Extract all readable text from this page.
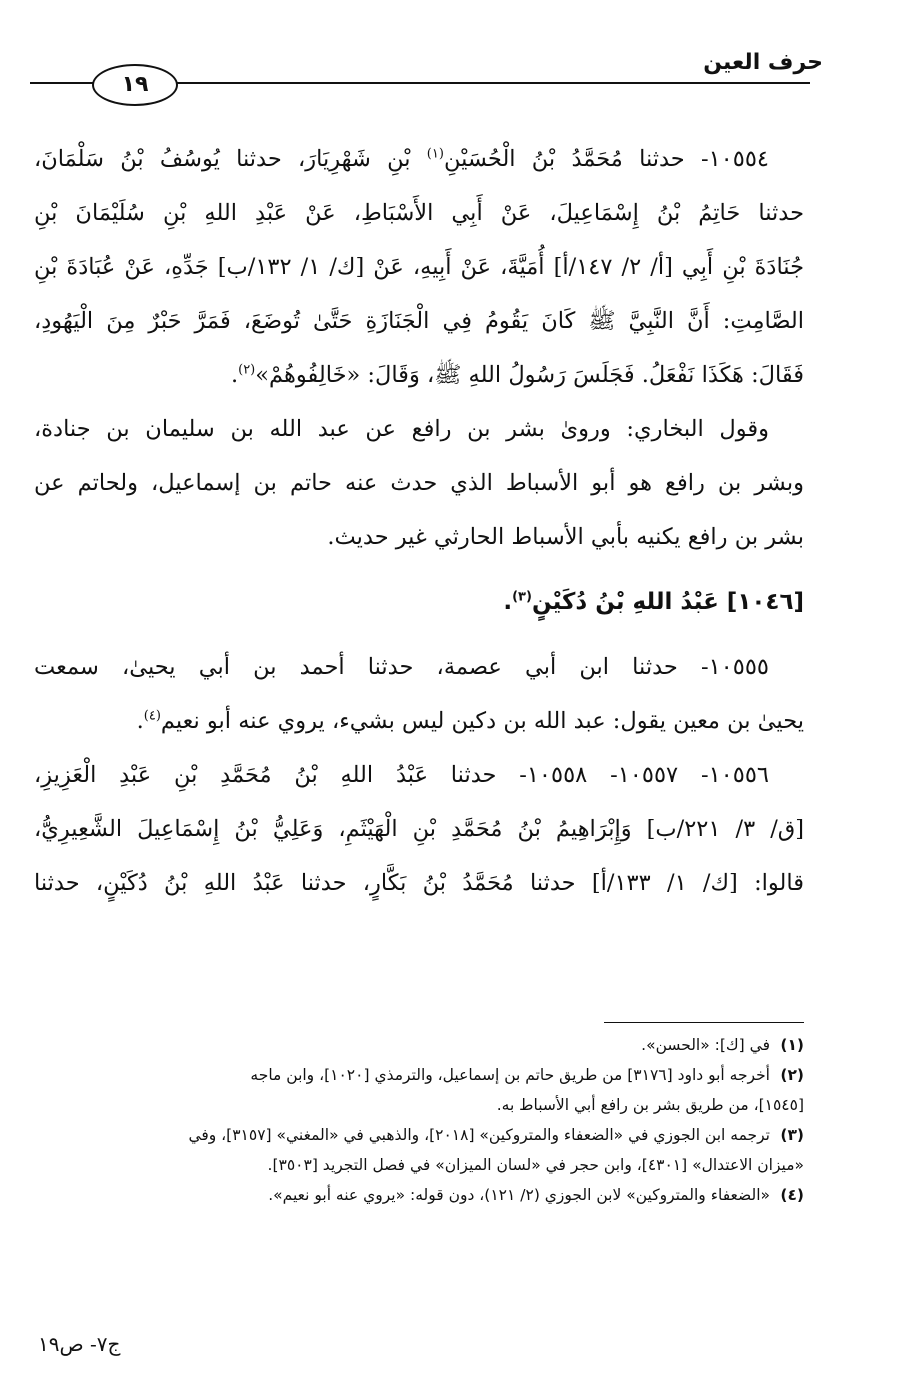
حرف العين
١٩
١٠٥٥٤- حدثنا مُحَمَّدُ بْنُ الْحُسَيْنِ$^{(١)}$ بْنِ شَهْرِيَارَ، حدثنا يُوسُفُ بْنُ سَلْمَانَ،
حدثنا حَاتِمُ بْنُ إِسْمَاعِيلَ، عَنْ أَبِي الأَسْبَاطِ، عَنْ عَبْدِ اللهِ بْنِ سُلَيْمَانَ بْنِ
جُنَادَةَ بْنِ أَبِي [أ/ ٢/ ١٤٧/أ] أُمَيَّةَ، عَنْ أَبِيهِ، عَنْ [ك/ ١/ ١٣٢/ب] جَدِّهِ، عَنْ عُبَادَةَ بْنِ
الصَّامِتِ: أَنَّ النَّبِيَّ ﷺ كَانَ يَقُومُ فِي الْجَنَازَةِ حَتَّىٰ تُوضَعَ، فَمَرَّ حَبْرٌ مِنَ الْيَهُودِ،
فَقَالَ: هَكَذَا نَفْعَلُ. فَجَلَسَ رَسُولُ اللهِ ﷺ، وَقَالَ: «خَالِفُوهُمْ»$^{(٢)}$.
وقول البخاري: وروىٰ بشر بن رافع عن عبد الله بن سليمان بن جنادة،
وبشر بن رافع هو أبو الأسباط الذي حدث عنه حاتم بن إسماعيل، ولحاتم عن
بشر بن رافع يكنيه بأبي الأسباط الحارثي غير حديث.
[١٠٤٦] عَبْدُ اللهِ بْنُ دُكَيْنٍ$^{(٣)}$.
١٠٥٥٥- حدثنا ابن أبي عصمة، حدثنا أحمد بن أبي يحيىٰ، سمعت
يحيىٰ بن معين يقول: عبد الله بن دكين ليس بشيء، يروي عنه أبو نعيم$^{(٤)}$.
١٠٥٥٦- ١٠٥٥٧- ١٠٥٥٨- حدثنا عَبْدُ اللهِ بْنُ مُحَمَّدِ بْنِ عَبْدِ الْعَزِيزِ،
[ق/ ٣/ ٢٢١/ب] وَإِبْرَاهِيمُ بْنُ مُحَمَّدِ بْنِ الْهَيْثَمِ، وَعَلِيُّ بْنُ إِسْمَاعِيلَ الشَّعِيرِيُّ،
قالوا: [ك/ ١/ ١٣٣/أ] حدثنا مُحَمَّدُ بْنُ بَكَّارٍ، حدثنا عَبْدُ اللهِ بْنُ دُكَيْنٍ، حدثنا
(١)في [ك]: «الحسن».
(٢)أخرجه أبو داود [٣١٧٦] من طريق حاتم بن إسماعيل، والترمذي [١٠٢٠]، وابن ماجه
[١٥٤٥]، من طريق بشر بن رافع أبي الأسباط به.
(٣)ترجمه ابن الجوزي في «الضعفاء والمتروكين» [٢٠١٨]، والذهبي في «المغني» [٣١٥٧]، وفي
«ميزان الاعتدال» [٤٣٠١]، وابن حجر في «لسان الميزان» في فصل التجريد [٣٥٠٣].
(٤)«الضعفاء والمتروكين» لابن الجوزي (٢/ ١٢١)، دون قوله: «يروي عنه أبو نعيم».
ج٧- ص١٩
